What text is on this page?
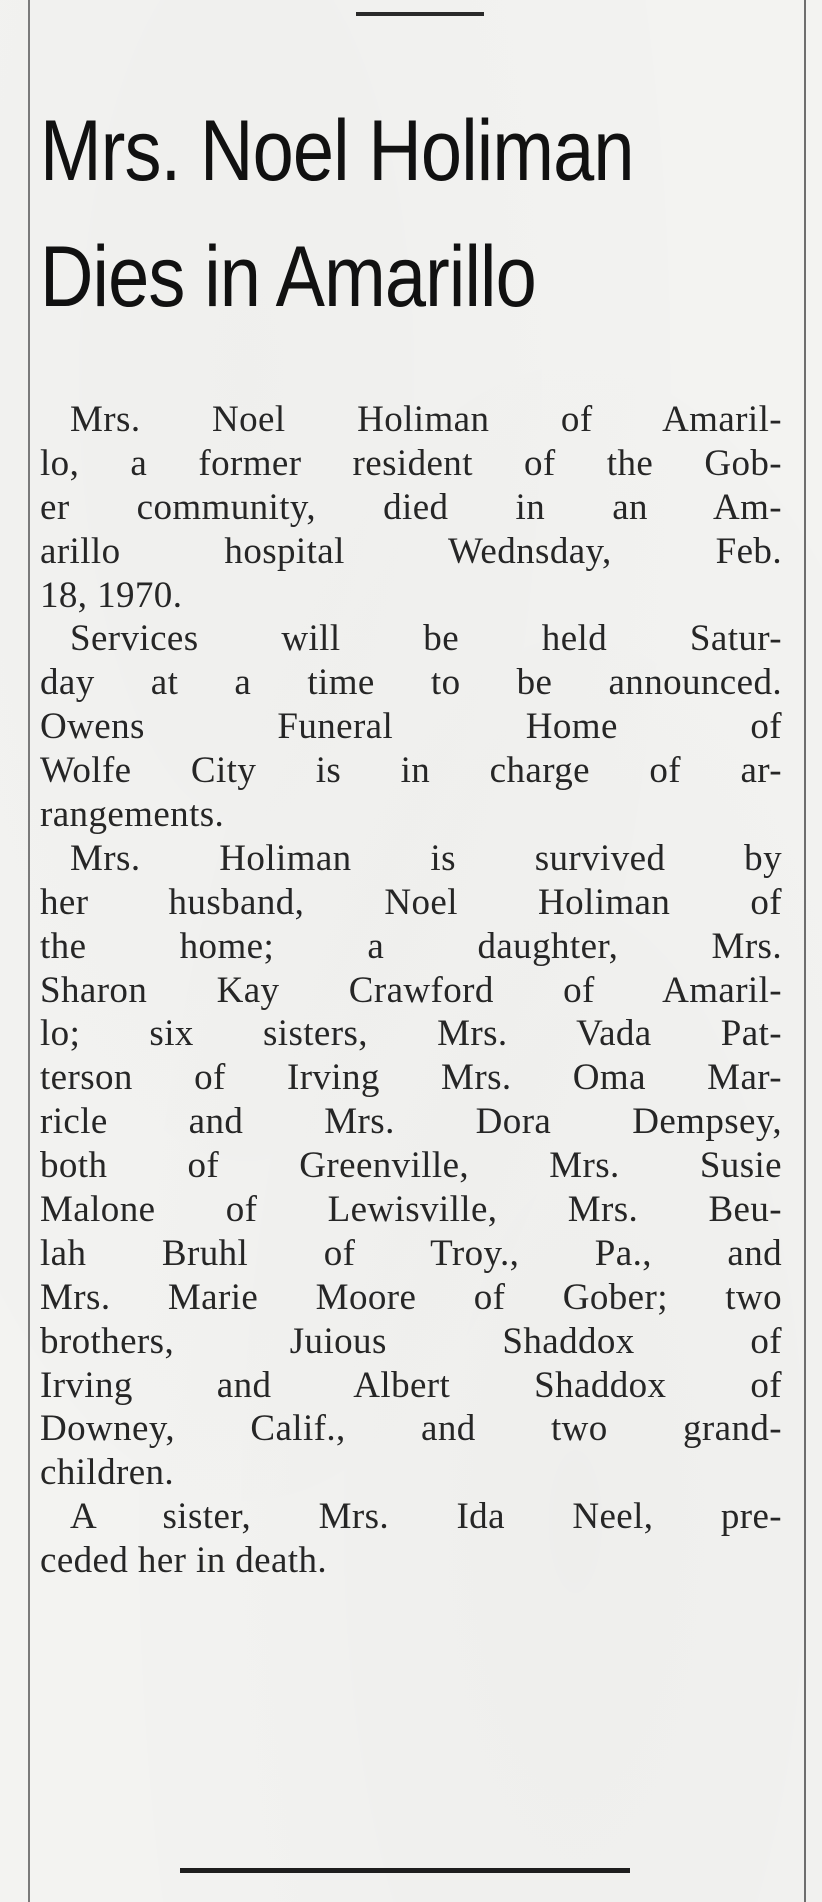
Mrs. Noel Holiman
Dies in Amarillo
Mrs. Noel Holiman of Amaril-
lo, a former resident of the Gob-
er community, died in an Am-
arillo hospital Wednsday, Feb.
18, 1970.
Services will be held Satur-
day at a time to be announced.
Owens Funeral Home of
Wolfe City is in charge of ar-
rangements.
Mrs. Holiman is survived by
her husband, Noel Holiman of
the home; a daughter, Mrs.
Sharon Kay Crawford of Amaril-
lo; six sisters, Mrs. Vada Pat-
terson of Irving Mrs. Oma Mar-
ricle and Mrs. Dora Dempsey,
both of Greenville, Mrs. Susie
Malone of Lewisville, Mrs. Beu-
lah Bruhl of Troy., Pa., and
Mrs. Marie Moore of Gober; two
brothers, Juious Shaddox of
Irving and Albert Shaddox of
Downey, Calif., and two grand-
children.
A sister, Mrs. Ida Neel, pre-
ceded her in death.
